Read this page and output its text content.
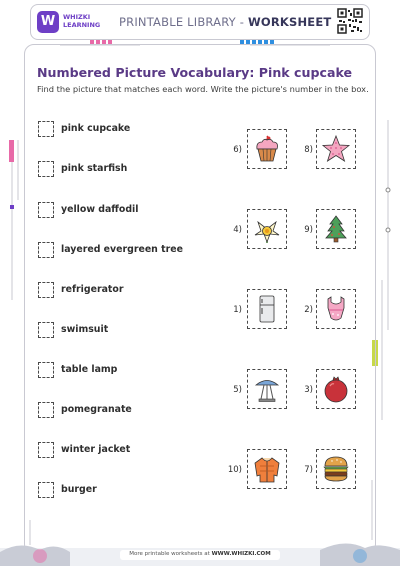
W	WHIZKI
LEARNING PRINTABLE LIBRARY - WORKSHEET
Numbered Picture Vocabulary: Pink cupcake
Find the picture that matches each word. Write the picture's number in the box.
pink cupcake
pink starfish
yellow daffodil
layered evergreen tree
refrigerator
swimsuit
table lamp
pomegranate
winter jacket
burger
6)
4)
1)
5)
10)
8)
9)
2)
3)
7)
More printable worksheets at WWW.WHIZKI.COM
